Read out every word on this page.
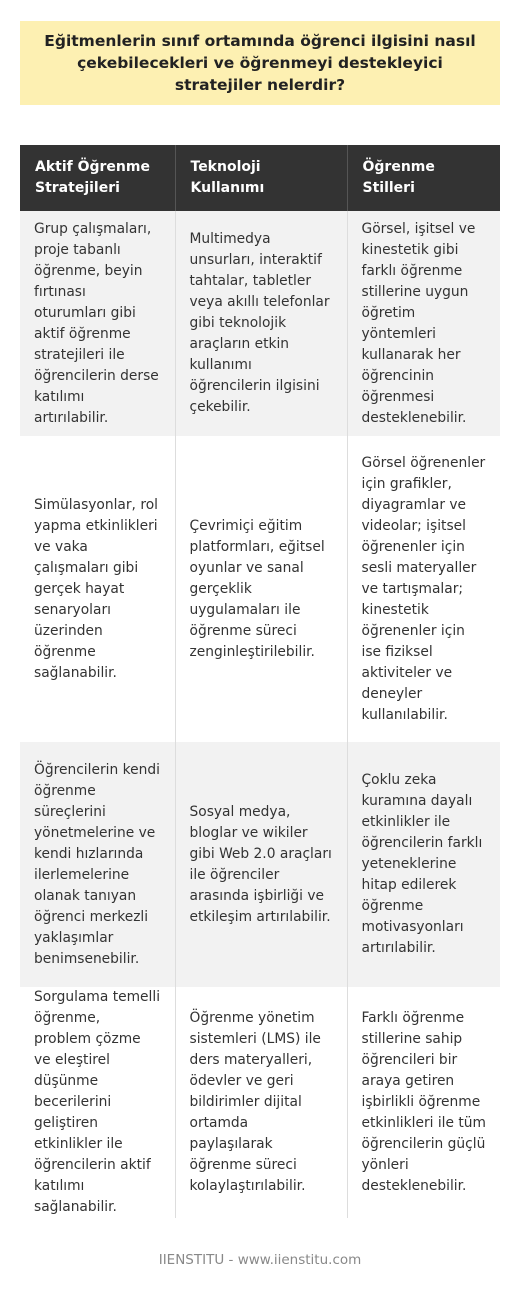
Eğitmenlerin sınıf ortamında öğrenci ilgisini nasıl çekebilecekleri ve öğrenmeyi destekleyici stratejiler nelerdir?
Aktif Öğrenme Stratejileri	Teknoloji Kullanımı	Öğrenme Stilleri
Grup çalışmaları, proje tabanlı öğrenme, beyin fırtınası oturumları gibi aktif öğrenme stratejileri ile öğrencilerin derse katılımı artırılabilir.	Multimedya unsurları, interaktif tahtalar, tabletler veya akıllı telefonlar gibi teknolojik araçların etkin kullanımı öğrencilerin ilgisini çekebilir.	Görsel, işitsel ve kinestetik gibi farklı öğrenme stillerine uygun öğretim yöntemleri kullanarak her öğrencinin öğrenmesi desteklenebilir.
Simülasyonlar, rol yapma etkinlikleri ve vaka çalışmaları gibi gerçek hayat senaryoları üzerinden öğrenme sağlanabilir.	Çevrimiçi eğitim platformları, eğitsel oyunlar ve sanal gerçeklik uygulamaları ile öğrenme süreci zenginleştirilebilir.	Görsel öğrenenler için grafikler, diyagramlar ve videolar; işitsel öğrenenler için sesli materyaller ve tartışmalar; kinestetik öğrenenler için ise fiziksel aktiviteler ve deneyler kullanılabilir.
Öğrencilerin kendi öğrenme süreçlerini yönetmelerine ve kendi hızlarında ilerlemelerine olanak tanıyan öğrenci merkezli yaklaşımlar benimsenebilir.	Sosyal medya, bloglar ve wikiler gibi Web 2.0 araçları ile öğrenciler arasında işbirliği ve etkileşim artırılabilir.	Çoklu zeka kuramına dayalı etkinlikler ile öğrencilerin farklı yeteneklerine hitap edilerek öğrenme motivasyonları artırılabilir.
Sorgulama temelli öğrenme, problem çözme ve eleştirel düşünme becerilerini geliştiren etkinlikler ile öğrencilerin aktif katılımı sağlanabilir.	Öğrenme yönetim sistemleri (LMS) ile ders materyalleri, ödevler ve geri bildirimler dijital ortamda paylaşılarak öğrenme süreci kolaylaştırılabilir.	Farklı öğrenme stillerine sahip öğrencileri bir araya getiren işbirlikli öğrenme etkinlikleri ile tüm öğrencilerin güçlü yönleri desteklenebilir.
IIENSTITU - www.iienstitu.com
